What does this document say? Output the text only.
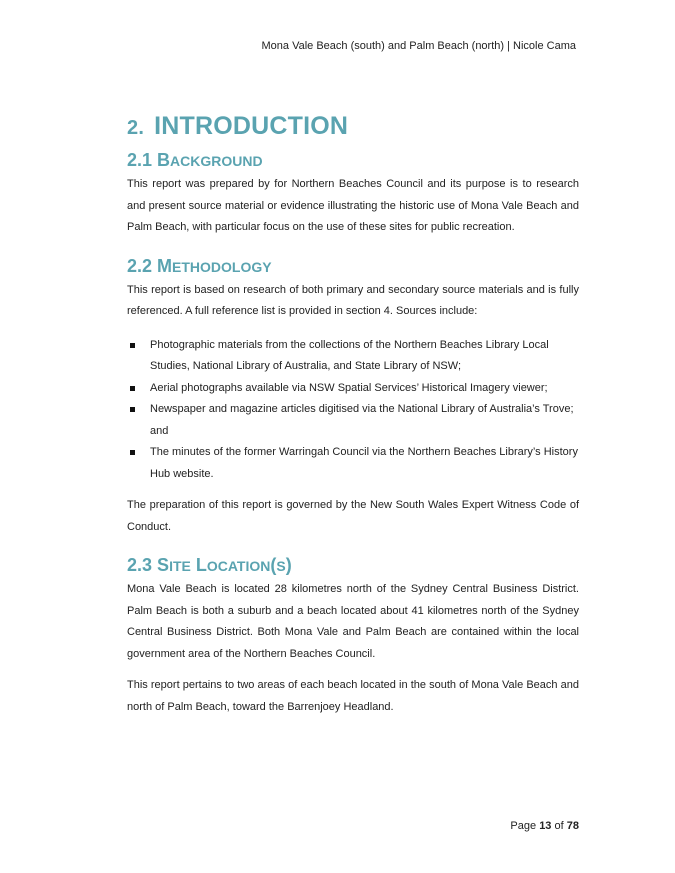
Mona Vale Beach (south) and Palm Beach (north) | Nicole Cama
2. INTRODUCTION
2.1 BACKGROUND

This report was prepared by for Northern Beaches Council and its purpose is to research and present source material or evidence illustrating the historic use of Mona Vale Beach and Palm Beach, with particular focus on the use of these sites for public recreation.

2.2 METHODOLOGY

This report is based on research of both primary and secondary source materials and is fully referenced. A full reference list is provided in section 4. Sources include:

Photographic materials from the collections of the Northern Beaches Library Local Studies, National Library of Australia, and State Library of NSW;
Aerial photographs available via NSW Spatial Services’ Historical Imagery viewer;
Newspaper and magazine articles digitised via the National Library of Australia’s Trove; and
The minutes of the former Warringah Council via the Northern Beaches Library’s History Hub website.

The preparation of this report is governed by the New South Wales Expert Witness Code of Conduct.

2.3 SITE LOCATION(S)

Mona Vale Beach is located 28 kilometres north of the Sydney Central Business District. Palm Beach is both a suburb and a beach located about 41 kilometres north of the Sydney Central Business District. Both Mona Vale and Palm Beach are contained within the local government area of the Northern Beaches Council.

This report pertains to two areas of each beach located in the south of Mona Vale Beach and north of Palm Beach, toward the Barrenjoey Headland.

Page 13 of 78
